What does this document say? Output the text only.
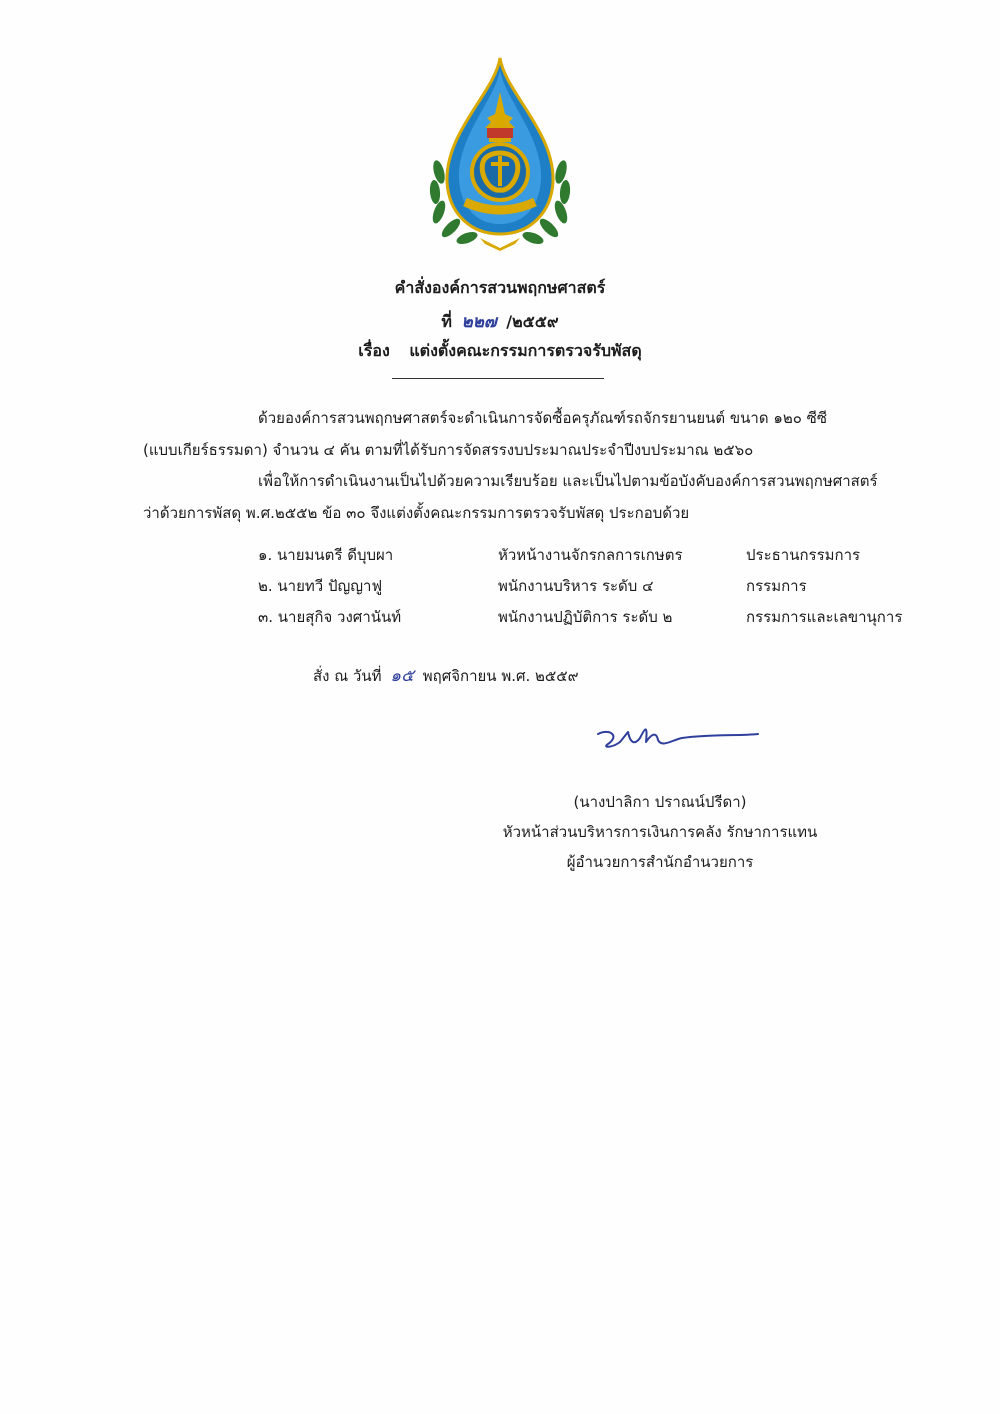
คำสั่งองค์การสวนพฤกษศาสตร์
ที่ ๒๒๗ /๒๕๕๙
เรื่อง แต่งตั้งคณะกรรมการตรวจรับพัสดุ
ด้วยองค์การสวนพฤกษศาสตร์จะดำเนินการจัดซื้อครุภัณฑ์รถจักรยานยนต์ ขนาด ๑๒๐ ซีซี
(แบบเกียร์ธรรมดา) จำนวน ๔ คัน ตามที่ได้รับการจัดสรรงบประมาณประจำปีงบประมาณ ๒๕๖๐
เพื่อให้การดำเนินงานเป็นไปด้วยความเรียบร้อย และเป็นไปตามข้อบังคับองค์การสวนพฤกษศาสตร์
ว่าด้วยการพัสดุ พ.ศ.๒๕๕๒ ข้อ ๓๐ จึงแต่งตั้งคณะกรรมการตรวจรับพัสดุ ประกอบด้วย
๑. นายมนตรี ดีบุบผา	หัวหน้างานจักรกลการเกษตร	ประธานกรรมการ
๒. นายทวี ปัญญาฟู	พนักงานบริหาร ระดับ ๔	กรรมการ
๓. นายสุกิจ วงศานันท์	พนักงานปฏิบัติการ ระดับ ๒	กรรมการและเลขานุการ
สั่ง ณ วันที่ ๑๕ พฤศจิกายน พ.ศ. ๒๕๕๙
(นางปาลิกา ปราณน์ปรีดา)
หัวหน้าส่วนบริหารการเงินการคลัง รักษาการแทน
ผู้อำนวยการสำนักอำนวยการ
